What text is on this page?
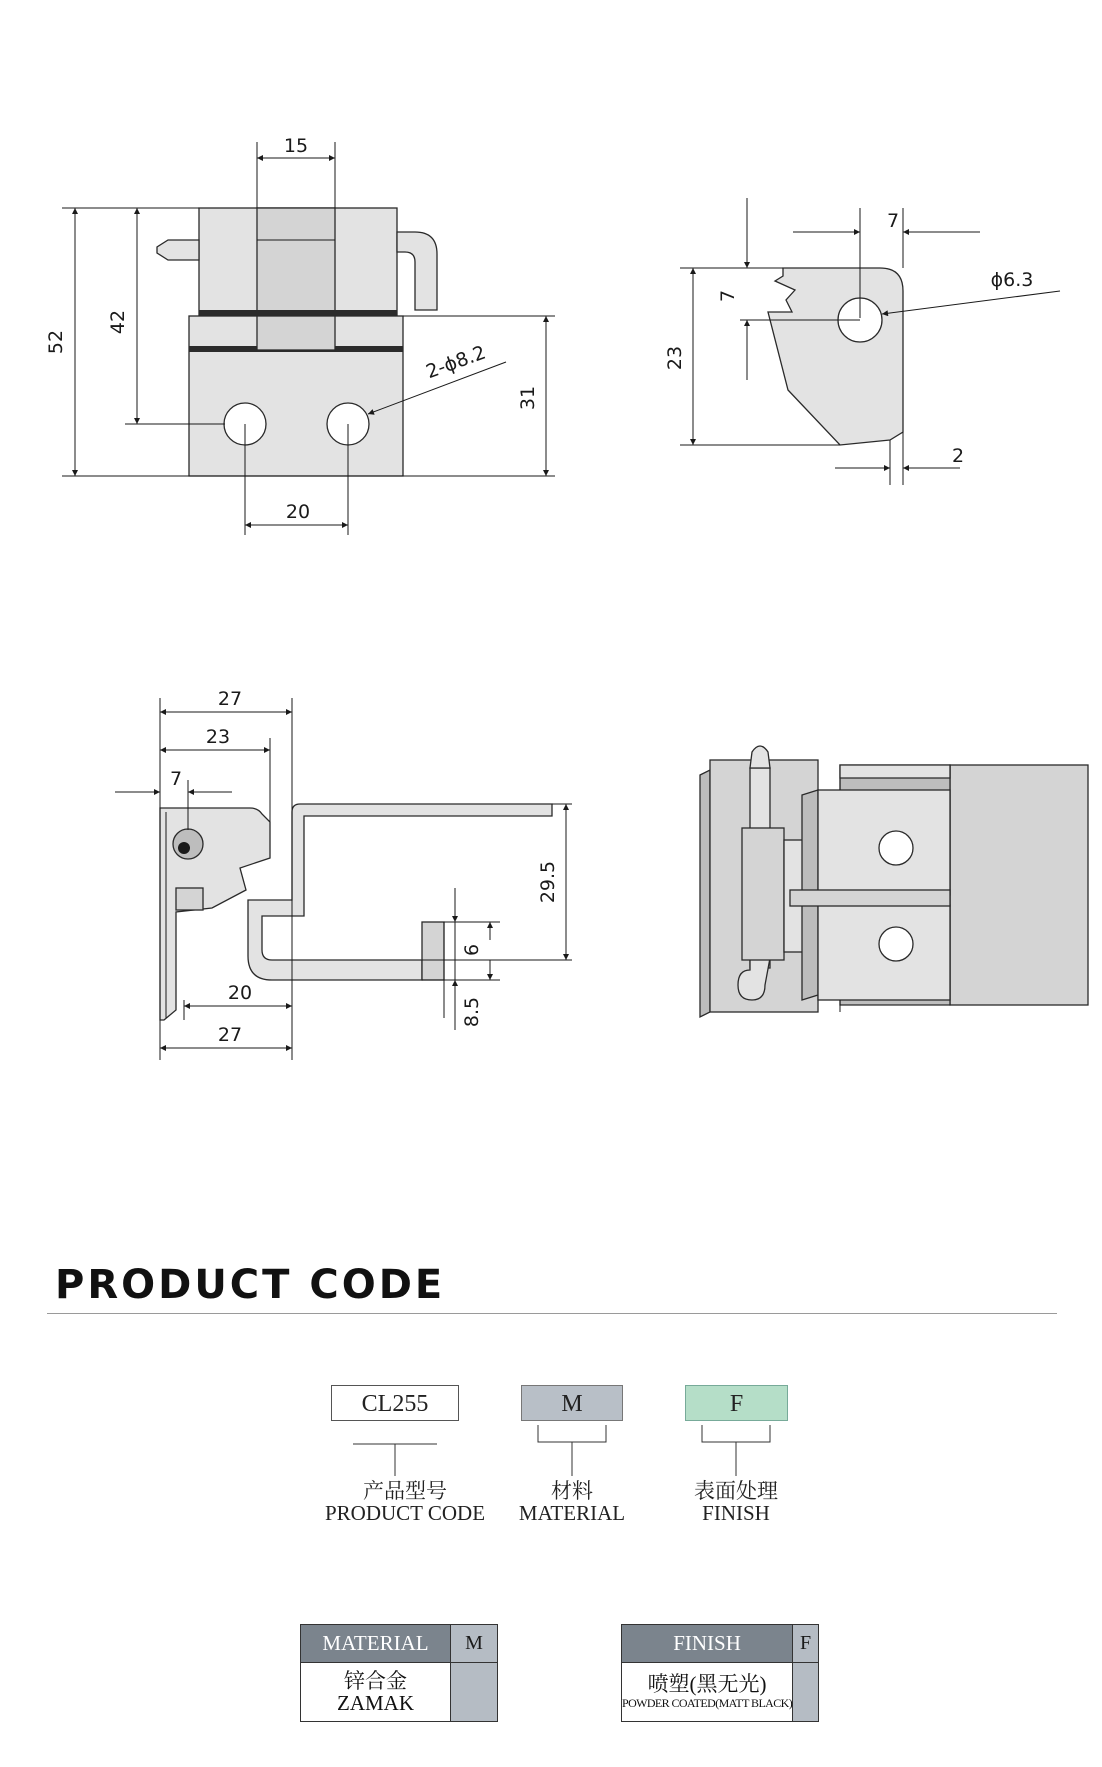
15
52
42
31
20
2-ϕ8.2
7
ϕ6.3
7
23
2
27
23
7
29.5
6
8.5
20
27
PRODUCT CODE
CL255	M	F
产品型号
PRODUCT CODE
材料
MATERIAL
表面处理
FINISH
MATERIAL	M

锌合金
ZAMAK	

FINISH	F

喷塑(黑无光)
POWDER COATED(MATT BLACK)	
